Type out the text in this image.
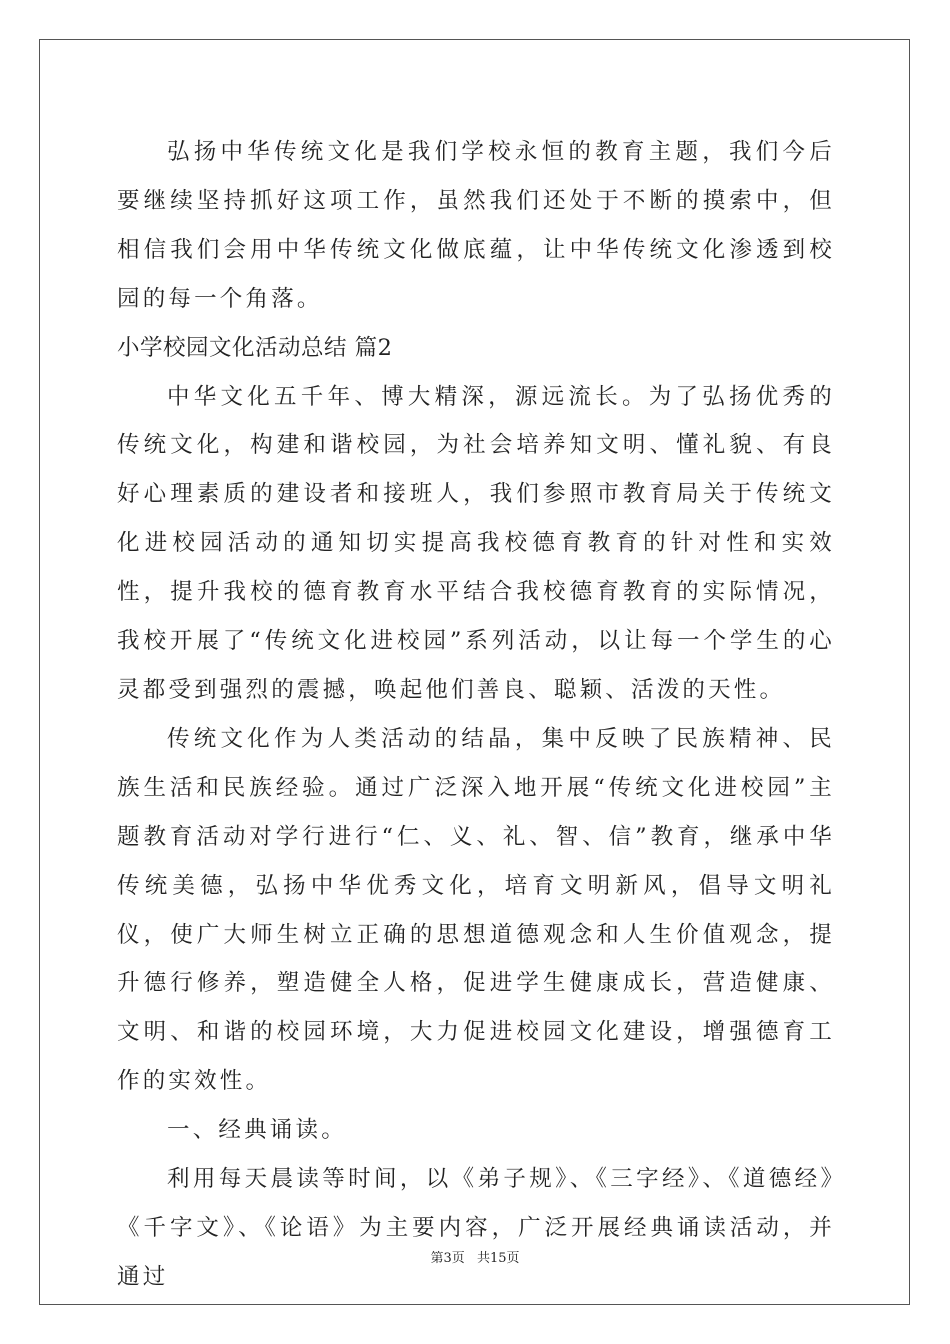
弘扬中华传统文化是我们学校永恒的教育主题，我们今后要继续坚持抓好这项工作，虽然我们还处于不断的摸索中，但相信我们会用中华传统文化做底蕴，让中华传统文化渗透到校园的每一个角落。

小学校园文化活动总结 篇2

中华文化五千年、博大精深，源远流长。为了弘扬优秀的传统文化，构建和谐校园，为社会培养知文明、懂礼貌、有良好心理素质的建设者和接班人，我们参照市教育局关于传统文化进校园活动的通知切实提高我校德育教育的针对性和实效性，提升我校的德育教育水平结合我校德育教育的实际情况，我校开展了“传统文化进校园”系列活动，以让每一个学生的心灵都受到强烈的震撼，唤起他们善良、聪颖、活泼的天性。

传统文化作为人类活动的结晶，集中反映了民族精神、民族生活和民族经验。通过广泛深入地开展“传统文化进校园”主题教育活动对学行进行“仁、义、礼、智、信”教育，继承中华传统美德，弘扬中华优秀文化，培育文明新风，倡导文明礼仪，使广大师生树立正确的思想道德观念和人生价值观念，提升德行修养，塑造健全人格，促进学生健康成长，营造健康、文明、和谐的校园环境，大力促进校园文化建设，增强德育工作的实效性。

一、经典诵读。

利用每天晨读等时间，以《弟子规》、《三字经》、《道德经》《千字文》、《论语》为主要内容，广泛开展经典诵读活动，并通过

第3页 共15页
